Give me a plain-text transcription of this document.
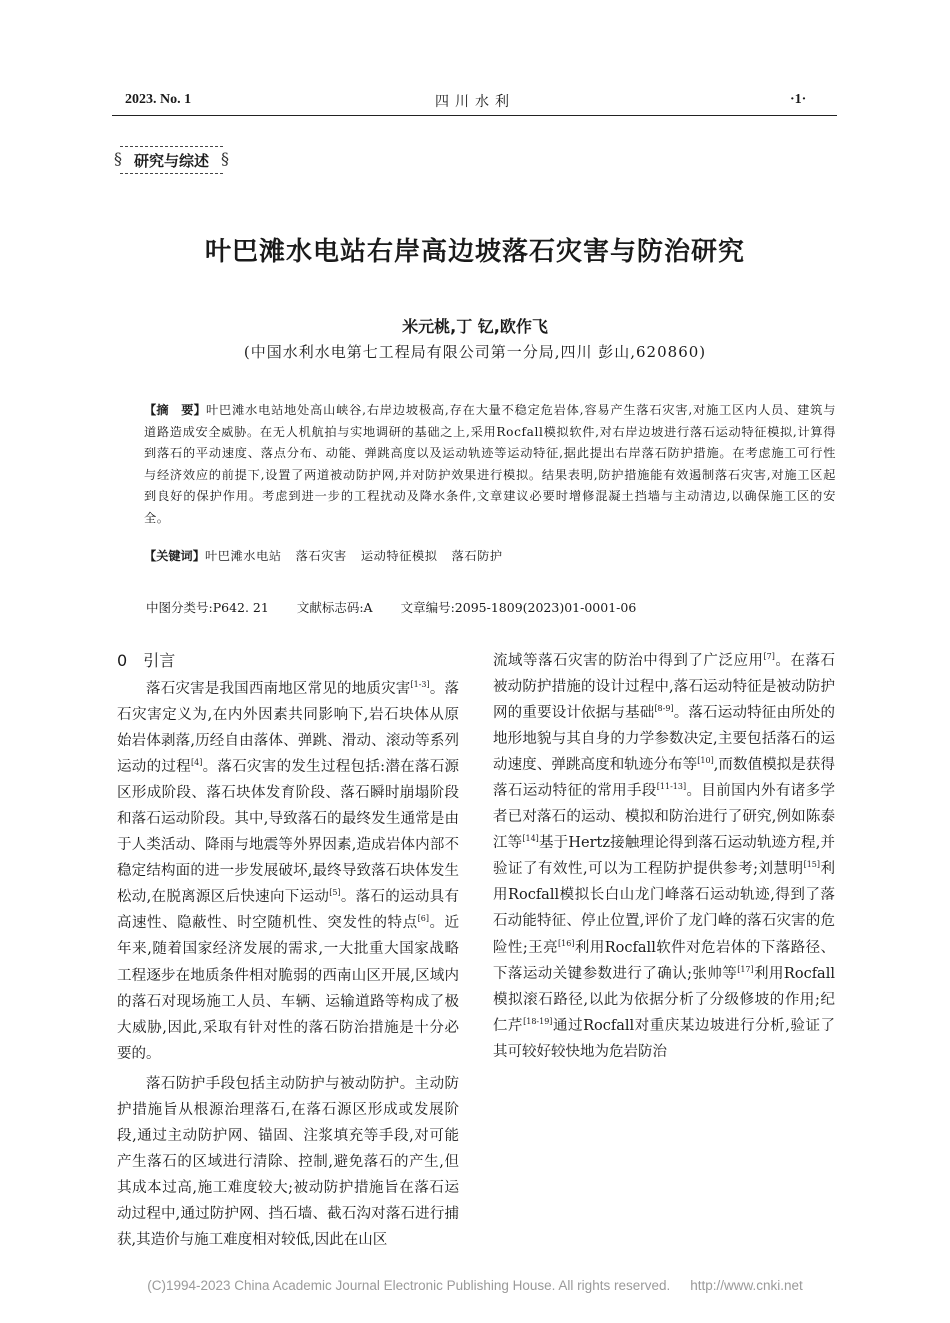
2023. No. 1	四川水利	·1·
§ 研究与综述 §
叶巴滩水电站右岸高边坡落石灾害与防治研究
米元桃,丁 钇,欧作飞
(中国水利水电第七工程局有限公司第一分局,四川 彭山,620860)
【摘　要】叶巴滩水电站地处高山峡谷,右岸边坡极高,存在大量不稳定危岩体,容易产生落石灾害,对施工区内人员、建筑与道路造成安全威胁。在无人机航拍与实地调研的基础之上,采用Rocfall模拟软件,对右岸边坡进行落石运动特征模拟,计算得到落石的平动速度、落点分布、动能、弹跳高度以及运动轨迹等运动特征,据此提出右岸落石防护措施。在考虑施工可行性与经济效应的前提下,设置了两道被动防护网,并对防护效果进行模拟。结果表明,防护措施能有效遏制落石灾害,对施工区起到良好的保护作用。考虑到进一步的工程扰动及降水条件,文章建议必要时增修混凝土挡墙与主动清边,以确保施工区的安全。
【关键词】叶巴滩水电站 落石灾害 运动特征模拟 落石防护
中图分类号:P642. 21 文献标志码:A 文章编号:2095-1809(2023)01-0001-06
0 引言

落石灾害是我国西南地区常见的地质灾害[1-3]。落石灾害定义为,在内外因素共同影响下,岩石块体从原始岩体剥落,历经自由落体、弹跳、滑动、滚动等系列运动的过程[4]。落石灾害的发生过程包括:潜在落石源区形成阶段、落石块体发育阶段、落石瞬时崩塌阶段和落石运动阶段。其中,导致落石的最终发生通常是由于人类活动、降雨与地震等外界因素,造成岩体内部不稳定结构面的进一步发展破坏,最终导致落石块体发生松动,在脱离源区后快速向下运动[5]。落石的运动具有高速性、隐蔽性、时空随机性、突发性的特点[6]。近年来,随着国家经济发展的需求,一大批重大国家战略工程逐步在地质条件相对脆弱的西南山区开展,区域内的落石对现场施工人员、车辆、运输道路等构成了极大威胁,因此,采取有针对性的落石防治措施是十分必要的。

落石防护手段包括主动防护与被动防护。主动防护措施旨从根源治理落石,在落石源区形成或发展阶段,通过主动防护网、锚固、注浆填充等手段,对可能产生落石的区域进行清除、控制,避免落石的产生,但其成本过高,施工难度较大;被动防护措施旨在落石运动过程中,通过防护网、挡石墙、截石沟对落石进行捕获,其造价与施工难度相对较低,因此在山区

流域等落石灾害的防治中得到了广泛应用[7]。在落石被动防护措施的设计过程中,落石运动特征是被动防护网的重要设计依据与基础[8-9]。落石运动特征由所处的地形地貌与其自身的力学参数决定,主要包括落石的运动速度、弹跳高度和轨迹分布等[10],而数值模拟是获得落石运动特征的常用手段[11-13]。目前国内外有诸多学者已对落石的运动、模拟和防治进行了研究,例如陈泰江等[14]基于Hertz接触理论得到落石运动轨迹方程,并验证了有效性,可以为工程防护提供参考;刘慧明[15]利用Rocfall模拟长白山龙门峰落石运动轨迹,得到了落石动能特征、停止位置,评价了龙门峰的落石灾害的危险性;王亮[16]利用Rocfall软件对危岩体的下落路径、下落运动关键参数进行了确认;张帅等[17]利用Rocfall模拟滚石路径,以此为依据分析了分级修坡的作用;纪仁芹[18-19]通过Rocfall对重庆某边坡进行分析,验证了其可较好较快地为危岩防治

(C)1994-2023 China Academic Journal Electronic Publishing House. All rights reserved. http://www.cnki.net
